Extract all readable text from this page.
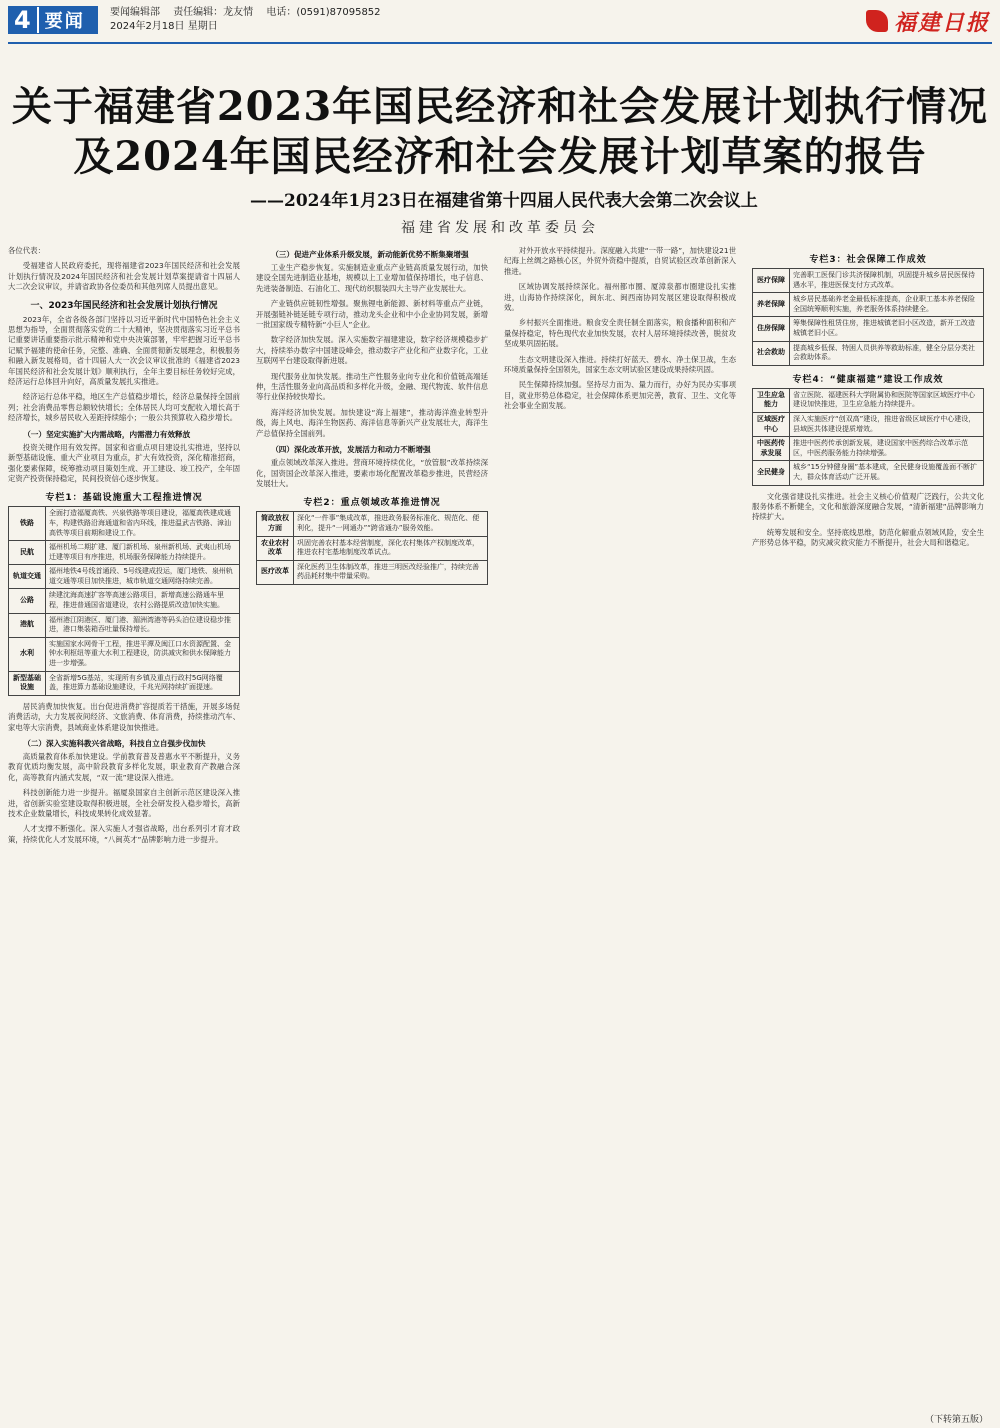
4 要闻	要闻编辑部 责任编辑：龙友情 电话：(0591)87095852
2024年2月18日 星期日	福建日报
关于福建省2023年国民经济和社会发展计划执行情况
及2024年国民经济和社会发展计划草案的报告
——2024年1月23日在福建省第十四届人民代表大会第二次会议上
福建省发展和改革委员会

各位代表：

受福建省人民政府委托，现将福建省2023年国民经济和社会发展计划执行情况及2024年国民经济和社会发展计划草案提请省十四届人大二次会议审议，并请省政协各位委员和其他列席人员提出意见。

一、2023年国民经济和社会发展计划执行情况

2023年，全省各级各部门坚持以习近平新时代中国特色社会主义思想为指导，全面贯彻落实党的二十大精神，坚决贯彻落实习近平总书记重要讲话重要指示批示精神和党中央决策部署，牢牢把握习近平总书记赋予福建的使命任务，完整、准确、全面贯彻新发展理念，积极服务和融入新发展格局，省十四届人大一次会议审议批准的《福建省2023年国民经济和社会发展计划》顺利执行，全年主要目标任务较好完成，经济运行总体回升向好，高质量发展扎实推进。

经济运行总体平稳，地区生产总值稳步增长，经济总量保持全国前列；社会消费品零售总额较快增长；全体居民人均可支配收入增长高于经济增长，城乡居民收入差距持续缩小；一般公共预算收入稳步增长。

（一）坚定实施扩大内需战略，内需潜力有效释放

投资关键作用有效发挥。国家和省重点项目建设扎实推进，坚持以新型基础设施、重大产业项目为重点，扩大有效投资，深化精准招商，强化要素保障，统筹推动项目策划生成、开工建设、竣工投产，全年固定资产投资保持稳定，民间投资信心逐步恢复。

专栏1：基础设施重大工程推进情况
铁路	全面打造福厦高铁、兴泉铁路等项目建设，福厦高铁建成通车，构建铁路沿海通道和省内环线，推进温武吉铁路、漳汕高铁等项目前期和建设工作。
民航	福州机场二期扩建、厦门新机场、泉州新机场、武夷山机场迁建等项目有序推进，机场服务保障能力持续提升。
轨道交通	福州地铁4号线首通段、5号线建成投运，厦门地铁、泉州轨道交通等项目加快推进，城市轨道交通网络持续完善。
公路	续建沈海高速扩容等高速公路项目，新增高速公路通车里程，推进普通国省道建设，农村公路提质改造加快实施。
港航	福州港江阴港区、厦门港、湄洲湾港等码头泊位建设稳步推进，港口集装箱吞吐量保持增长。
水利	实施国家水网骨干工程，推进平潭及闽江口水资源配置、金钟水利枢纽等重大水利工程建设，防洪减灾和供水保障能力进一步增强。
新型基础设施	全省新增5G基站，实现所有乡镇及重点行政村5G网络覆盖，推进算力基础设施建设，千兆光网持续扩面提速。

居民消费加快恢复。出台促进消费扩容提质若干措施，开展多场促消费活动，大力发展夜间经济、文旅消费、体育消费，持续推动汽车、家电等大宗消费，县域商业体系建设加快推进。

（二）深入实施科教兴省战略，科技自立自强步伐加快

高质量教育体系加快建设。学前教育普及普惠水平不断提升，义务教育优质均衡发展，高中阶段教育多样化发展，职业教育产教融合深化，高等教育内涵式发展，“双一流”建设深入推进。

科技创新能力进一步提升。福厦泉国家自主创新示范区建设深入推进，省创新实验室建设取得积极进展，全社会研发投入稳步增长，高新技术企业数量增长，科技成果转化成效显著。

人才支撑不断强化。深入实施人才强省战略，出台系列引才育才政策，持续优化人才发展环境，“八闽英才”品牌影响力进一步提升。

（三）促进产业体系升级发展，新动能新优势不断集聚增强

工业生产稳步恢复。实施制造业重点产业链高质量发展行动，加快建设全国先进制造业基地，规模以上工业增加值保持增长，电子信息、先进装备制造、石油化工、现代纺织服装四大主导产业发展壮大。

产业链供应链韧性增强。聚焦锂电新能源、新材料等重点产业链，开展强链补链延链专项行动，推动龙头企业和中小企业协同发展，新增一批国家级专精特新“小巨人”企业。

数字经济加快发展。深入实施数字福建建设，数字经济规模稳步扩大，持续举办数字中国建设峰会，推动数字产业化和产业数字化，工业互联网平台建设取得新进展。

现代服务业加快发展。推动生产性服务业向专业化和价值链高端延伸，生活性服务业向高品质和多样化升级，金融、现代物流、软件信息等行业保持较快增长。

海洋经济加快发展。加快建设“海上福建”，推动海洋渔业转型升级，海上风电、海洋生物医药、海洋信息等新兴产业发展壮大，海洋生产总值保持全国前列。

（四）深化改革开放，发展活力和动力不断增强

重点领域改革深入推进。营商环境持续优化，“放管服”改革持续深化，国资国企改革深入推进，要素市场化配置改革稳步推进，民营经济发展壮大。

专栏2：重点领域改革推进情况
简政放权方面	深化“一件事”集成改革，推进政务服务标准化、规范化、便利化，提升“一网通办”“跨省通办”服务效能。
农业农村改革	巩固完善农村基本经营制度，深化农村集体产权制度改革，推进农村宅基地制度改革试点。
医疗改革	深化医药卫生体制改革，推进三明医改经验推广，持续完善药品耗材集中带量采购。

对外开放水平持续提升。深度融入共建“一带一路”，加快建设21世纪海上丝绸之路核心区，外贸外资稳中提质，自贸试验区改革创新深入推进。

区域协调发展持续深化。福州都市圈、厦漳泉都市圈建设扎实推进，山海协作持续深化，闽东北、闽西南协同发展区建设取得积极成效。

乡村振兴全面推进。粮食安全责任制全面落实，粮食播种面积和产量保持稳定，特色现代农业加快发展，农村人居环境持续改善，脱贫攻坚成果巩固拓展。

生态文明建设深入推进。持续打好蓝天、碧水、净土保卫战，生态环境质量保持全国领先，国家生态文明试验区建设成果持续巩固。

民生保障持续加强。坚持尽力而为、量力而行，办好为民办实事项目，就业形势总体稳定，社会保障体系更加完善，教育、卫生、文化等社会事业全面发展。

专栏3：社会保障工作成效
医疗保障	完善职工医保门诊共济保障机制，巩固提升城乡居民医保待遇水平，推进医保支付方式改革。
养老保障	城乡居民基础养老金最低标准提高，企业职工基本养老保险全国统筹顺利实施，养老服务体系持续健全。
住房保障	筹集保障性租赁住房，推进城镇老旧小区改造，新开工改造城镇老旧小区。
社会救助	提高城乡低保、特困人员供养等救助标准，健全分层分类社会救助体系。
专栏4：“健康福建”建设工作成效
卫生应急能力	省立医院、福建医科大学附属协和医院等国家区域医疗中心建设加快推进，卫生应急能力持续提升。
区域医疗中心	深入实施医疗“创双高”建设，推进省级区域医疗中心建设，县域医共体建设提质增效。
中医药传承发展	推进中医药传承创新发展，建设国家中医药综合改革示范区，中医药服务能力持续增强。
全民健身	城乡“15分钟健身圈”基本建成，全民健身设施覆盖面不断扩大，群众体育活动广泛开展。

文化强省建设扎实推进。社会主义核心价值观广泛践行，公共文化服务体系不断健全，文化和旅游深度融合发展，“清新福建”品牌影响力持续扩大。

统筹发展和安全。坚持底线思维，防范化解重点领域风险，安全生产形势总体平稳，防灾减灾救灾能力不断提升，社会大局和谐稳定。

（下转第五版）
